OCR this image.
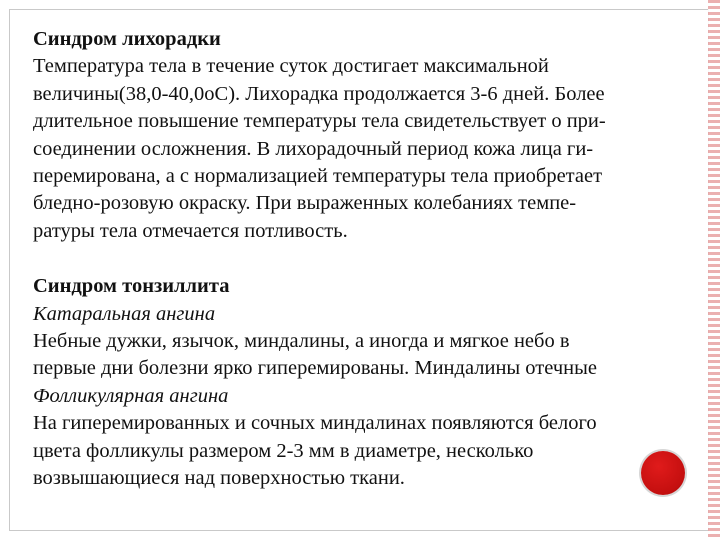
Синдром лихорадки

Температура тела в течение суток достигает максимальной

величины(38,0-40,0оС). Лихорадка продолжается 3-6 дней. Более

длительное повышение температуры тела свидетельствует о при-

соединении осложнения. В лихорадочный период кожа лица ги-

перемирована, а с нормализацией температуры тела приобретает

бледно-розовую окраску. При выраженных колебаниях темпе-

ратуры тела отмечается потливость.

Синдром тонзиллита

Катаральная ангина

Небные дужки, язычок, миндалины, а иногда и мягкое небо в

первые дни болезни ярко гиперемированы. Миндалины отечные

Фолликулярная ангина

На гиперемированных и сочных миндалинах появляются белого

цвета фолликулы размером 2-3 мм в диаметре, несколько

возвышающиеся над поверхностью ткани.
